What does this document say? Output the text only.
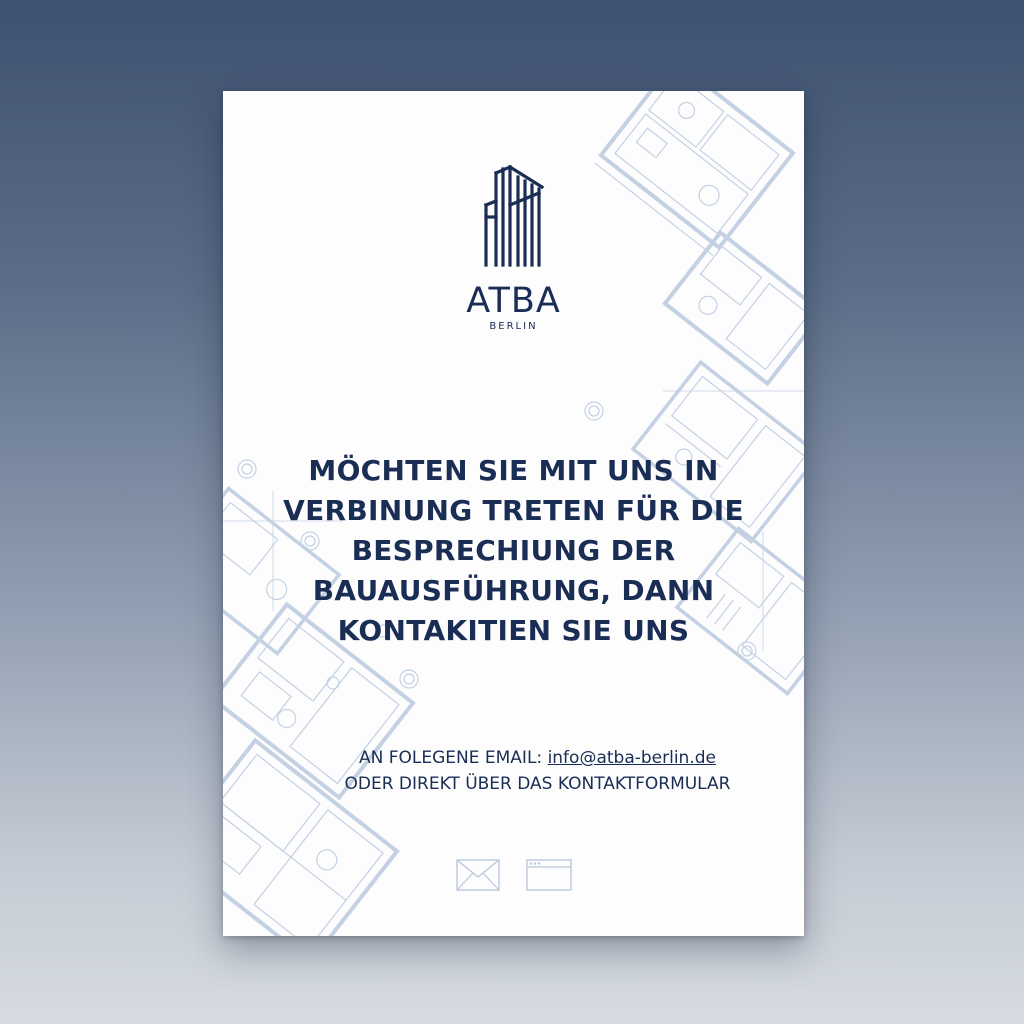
ATBA
BERLIN
MÖCHTEN SIE MIT UNS IN
VERBINUNG TRETEN FÜR DIE
BESPRECHIUNG DER
BAUAUSFÜHRUNG, DANN
KONTAKITIEN SIE UNS
AN FOLEGENE EMAIL: info@atba-berlin.de
ODER DIREKT ÜBER DAS KONTAKTFORMULAR
